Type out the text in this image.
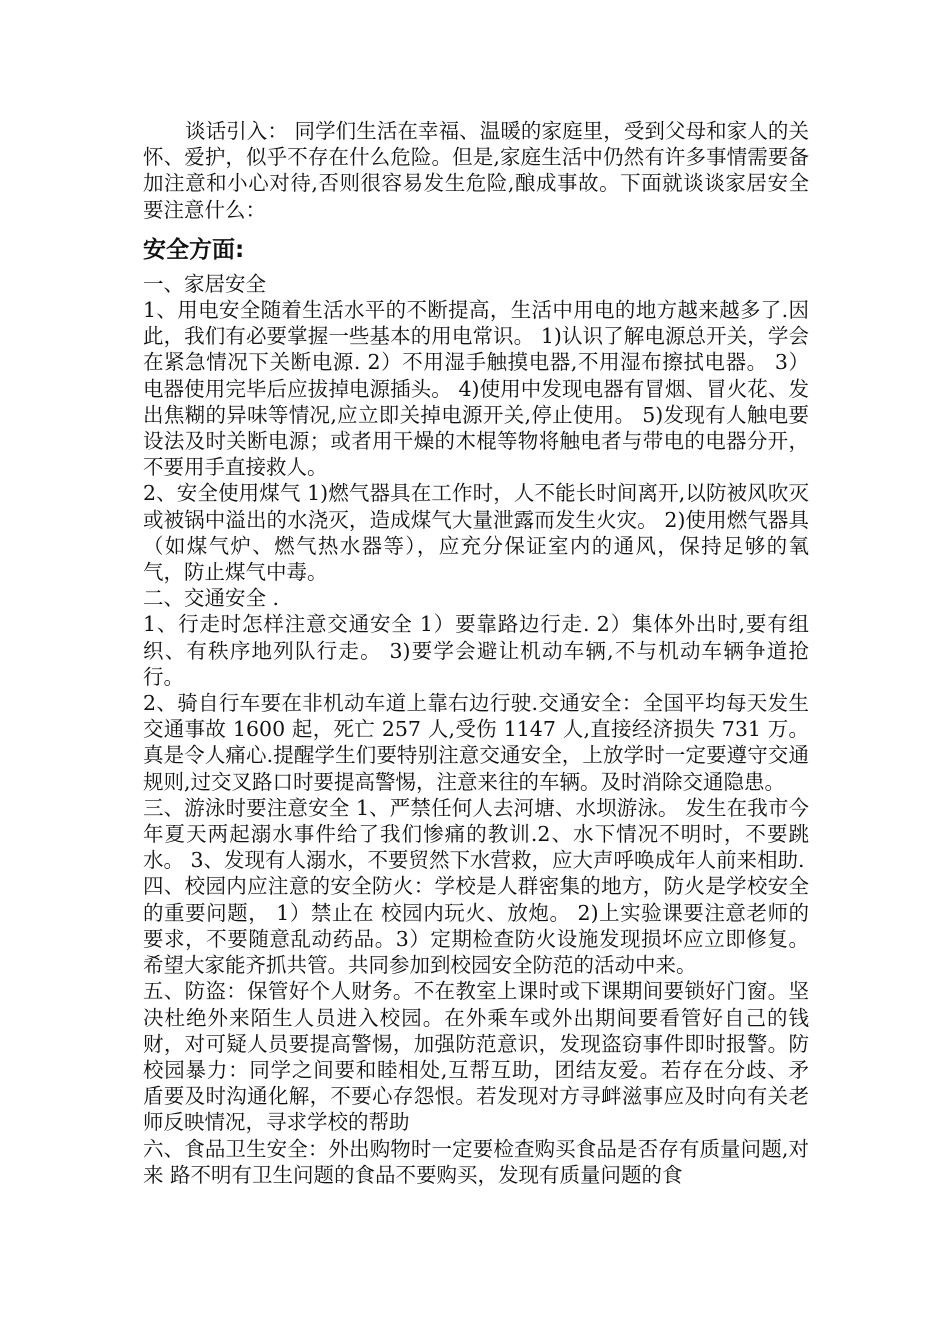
谈话引入： 同学们生活在幸福、温暖的家庭里，受到父母和家人的关怀、爱护，似乎不存在什么危险。但是,家庭生活中仍然有许多事情需要备加注意和小心对待,否则很容易发生危险,酿成事故。下面就谈谈家居安全要注意什么：

安全方面:

一、家居安全

1、用电安全随着生活水平的不断提高，生活中用电的地方越来越多了.因此，我们有必要掌握一些基本的用电常识。 1)认识了解电源总开关，学会在紧急情况下关断电源. 2）不用湿手触摸电器,不用湿布擦拭电器。 3）电器使用完毕后应拔掉电源插头。 4)使用中发现电器有冒烟、冒火花、发出焦糊的异味等情况,应立即关掉电源开关,停止使用。 5)发现有人触电要设法及时关断电源；或者用干燥的木棍等物将触电者与带电的电器分开，不要用手直接救人。

2、安全使用煤气 1)燃气器具在工作时，人不能长时间离开,以防被风吹灭或被锅中溢出的水浇灭，造成煤气大量泄露而发生火灾。 2)使用燃气器具（如煤气炉、燃气热水器等），应充分保证室内的通风，保持足够的氧气，防止煤气中毒。

二、交通安全 .

1、行走时怎样注意交通安全 1）要靠路边行走. 2）集体外出时,要有组织、有秩序地列队行走。 3)要学会避让机动车辆,不与机动车辆争道抢行。

2、骑自行车要在非机动车道上靠右边行驶.交通安全：全国平均每天发生交通事故 1600 起，死亡 257 人,受伤 1147 人,直接经济损失 731 万。真是令人痛心.提醒学生们要特别注意交通安全，上放学时一定要遵守交通规则,过交叉路口时要提高警惕，注意来往的车辆。及时消除交通隐患。

三、游泳时要注意安全 1、严禁任何人去河塘、水坝游泳。 发生在我市今年夏天两起溺水事件给了我们惨痛的教训.2、水下情况不明时，不要跳水。 3、发现有人溺水，不要贸然下水营救，应大声呼唤成年人前来相助.

四、校园内应注意的安全防火：学校是人群密集的地方，防火是学校安全的重要问题， 1）禁止在 校园内玩火、放炮。 2)上实验课要注意老师的要求，不要随意乱动药品。3）定期检查防火设施发现损坏应立即修复。希望大家能齐抓共管。共同参加到校园安全防范的活动中来。

五、防盗：保管好个人财务。不在教室上课时或下课期间要锁好门窗。坚决杜绝外来陌生人员进入校园。在外乘车或外出期间要看管好自己的钱财，对可疑人员要提高警惕，加强防范意识，发现盗窃事件即时报警。防校园暴力：同学之间要和睦相处,互帮互助，团结友爱。若存在分歧、矛 盾要及时沟通化解，不要心存怨恨。若发现对方寻衅滋事应及时向有关老师反映情况，寻求学校的帮助

六、食品卫生安全：外出购物时一定要检查购买食品是否存有质量问题,对来 路不明有卫生问题的食品不要购买，发现有质量问题的食
